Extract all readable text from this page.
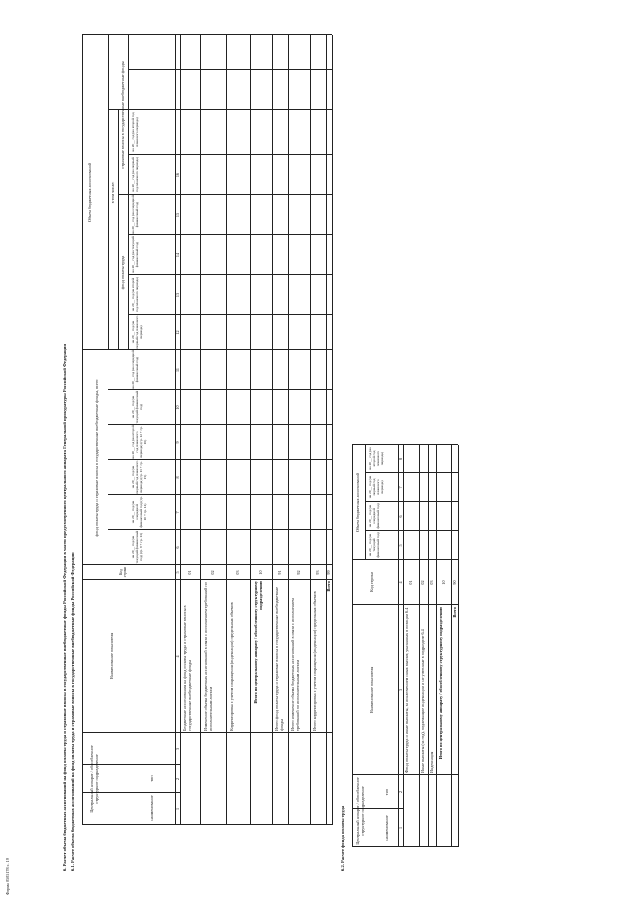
Форма 0505178 с. 19
6. Расчет объема бюджетных ассигнований на фонд оплаты труда и страховые взносы в государственные внебюджетные фонды Российской Федерации в части предусмотренного центрального аппарата Генеральной прокуратуры Российской Федерации 6.1. Расчет объема бюджетных ассигнований на фонд оплаты труда и страховые взносы в государственные внебюджетные фонды Российской Федерации	Центральный аппарат / обособленное структурное подразделение
наименование
тип
Наименование показателя
Код строки
Объем бюджетных ассигнований
фонд оплаты труда и страховые взносы в государственные внебюджетные фонды, всего
в том числе:
фонд оплаты труда
страховые взносы в государственные внебюджетные фонды
на 20__ год (на текущий финансовый год) (гр. 9 + гр. 13)
на 20__ год (на очередной финансовый год) (гр. 10 + гр. 14)
на 20__ год (на первый год планового периода) (гр. 11 + гр. 15)
на 20__ год (на второй год планового периода) (гр. 12 + гр. 16)
на 20__ год (на текущий финансовый год)
на 20__ год (на очередной финансовый год)
на 20__ год (на первый год планового периода)
на 20__ год (на второй год планового периода)
на 20__ год (на текущий финансовый год)
на 20__ год (на очередной финансовый год)
на 20__ год (на первый год планового периода)
на 20__ год (на второй год планового периода)
1
2
3
4
5
6
7
8
9
10
11
12
13
14
15
16
Бюджетные ассигнования на фонд оплаты труда и страховые взносы в государственные внебюджетные фонды
01
Изменение объема бюджетных ассигнований в связи с исполнением требований по исполнительным листам
02
Корректировка с учетом сокращения (индексации) предельных объемов
03
Итого по центральному аппарату / обособленному структурному подразделению
10
Итого фонд оплаты труда и страховые взносы в государственные внебюджетные фонды
91
Итого изменение объема бюджетных ассигнований в связи с исполнением требований по исполнительным листам
92
Итого корректировка с учетом сокращения (индексации) предельных объемов
93
Всего
99
6.2. Расчет фонда оплаты труда Центральный аппарат / обособленное структурное подразделение	наименование
тип
Наименование показателя
Код строки
Объем бюджетных ассигнований
на 20__ год (на текущий финансовый год)
на 20__ год (на очередной финансовый год)
на 20__ год (на первый год планового периода)
на 20__ год (на второй год планового периода)
1
2
3
4
5
6
7
8
Фонд оплаты труда и иные выплаты, за исключением иных выплат, указанных в позиции 6.4
01
Иные выплаты (за год), подлежащие индексации и не учтенные в подразделе 6.4
02
Индексация
03
Итого по центральному аппарату / обособленному структурному подразделению
10
Всего
90
